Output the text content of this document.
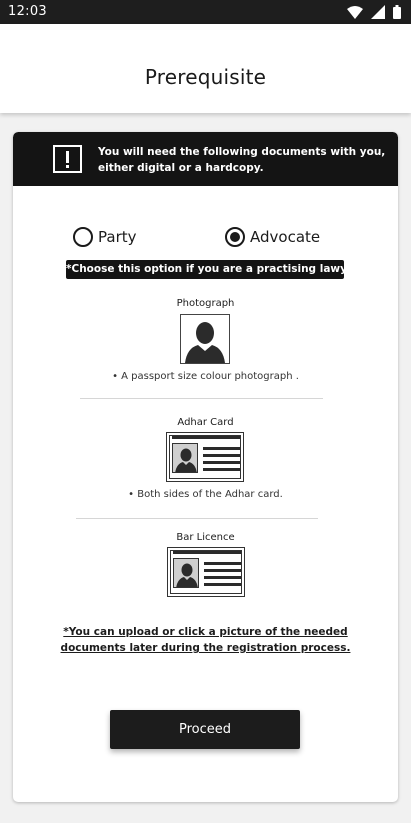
12:03
Prerequisite
You will need the following documents with you, either digital or a hardcopy.
Party	Advocate
*Choose this option if you are a practising lawyer
Photograph
• A passport size colour photograph .
Adhar Card
• Both sides of the Adhar card.
Bar Licence
*You can upload or click a picture of the needed
documents later during the registration process.
Proceed
